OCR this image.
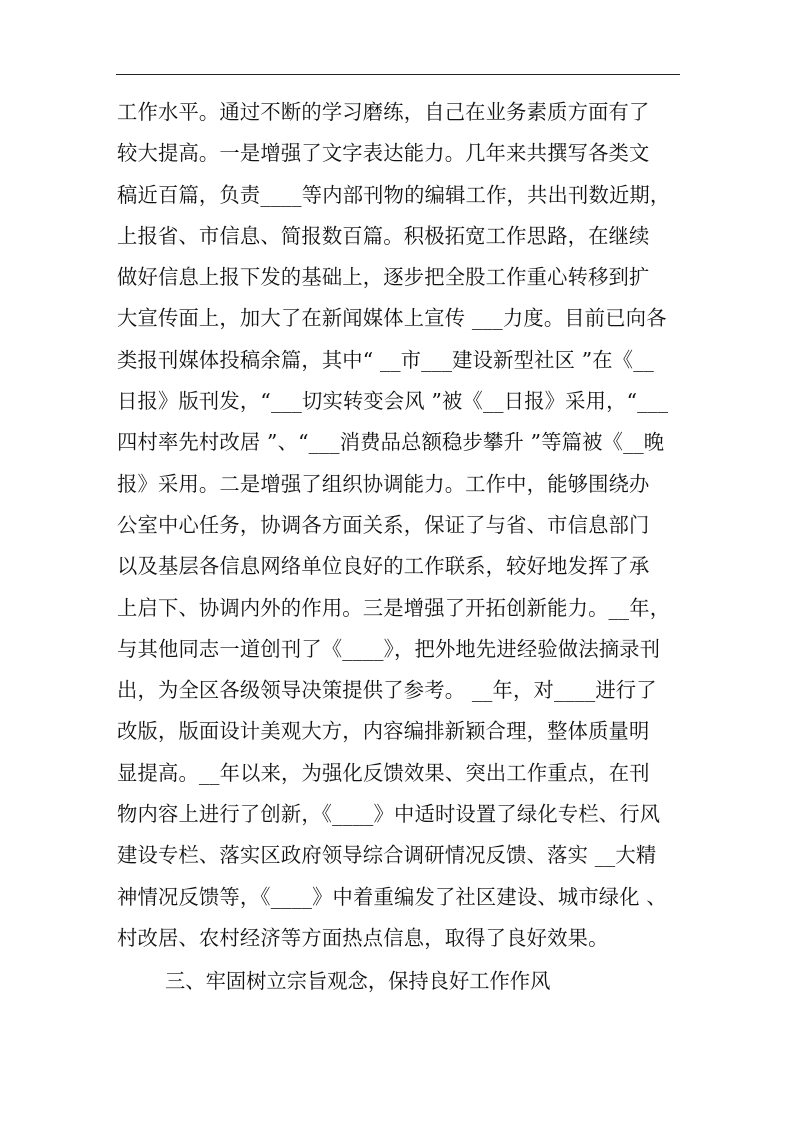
工作水平。通过不断的学习磨练，自己在业务素质方面有了
较大提高。一是增强了文字表达能力。几年来共撰写各类文
稿近百篇，负责____等内部刊物的编辑工作，共出刊数近期，
上报省、市信息、简报数百篇。积极拓宽工作思路，在继续
做好信息上报下发的基础上，逐步把全股工作重心转移到扩
大宣传面上，加大了在新闻媒体上宣传 ___力度。目前已向各
类报刊媒体投稿余篇，其中“ __市___建设新型社区 ”在《__
日报》版刊发，“___切实转变会风 ”被《__日报》采用，“___
四村率先村改居 ”、“___消费品总额稳步攀升 ”等篇被《__晚
报》采用。二是增强了组织协调能力。工作中，能够围绕办
公室中心任务，协调各方面关系，保证了与省、市信息部门
以及基层各信息网络单位良好的工作联系，较好地发挥了承
上启下、协调内外的作用。三是增强了开拓创新能力。__年，
与其他同志一道创刊了《____》，把外地先进经验做法摘录刊
出，为全区各级领导决策提供了参考。 __年，对____进行了
改版，版面设计美观大方，内容编排新颖合理，整体质量明
显提高。__年以来，为强化反馈效果、突出工作重点，在刊
物内容上进行了创新，《____》中适时设置了绿化专栏、行风
建设专栏、落实区政府领导综合调研情况反馈、落实 __大精
神情况反馈等，《____》中着重编发了社区建设、城市绿化 、
村改居、农村经济等方面热点信息，取得了良好效果。
三、牢固树立宗旨观念，保持良好工作作风
